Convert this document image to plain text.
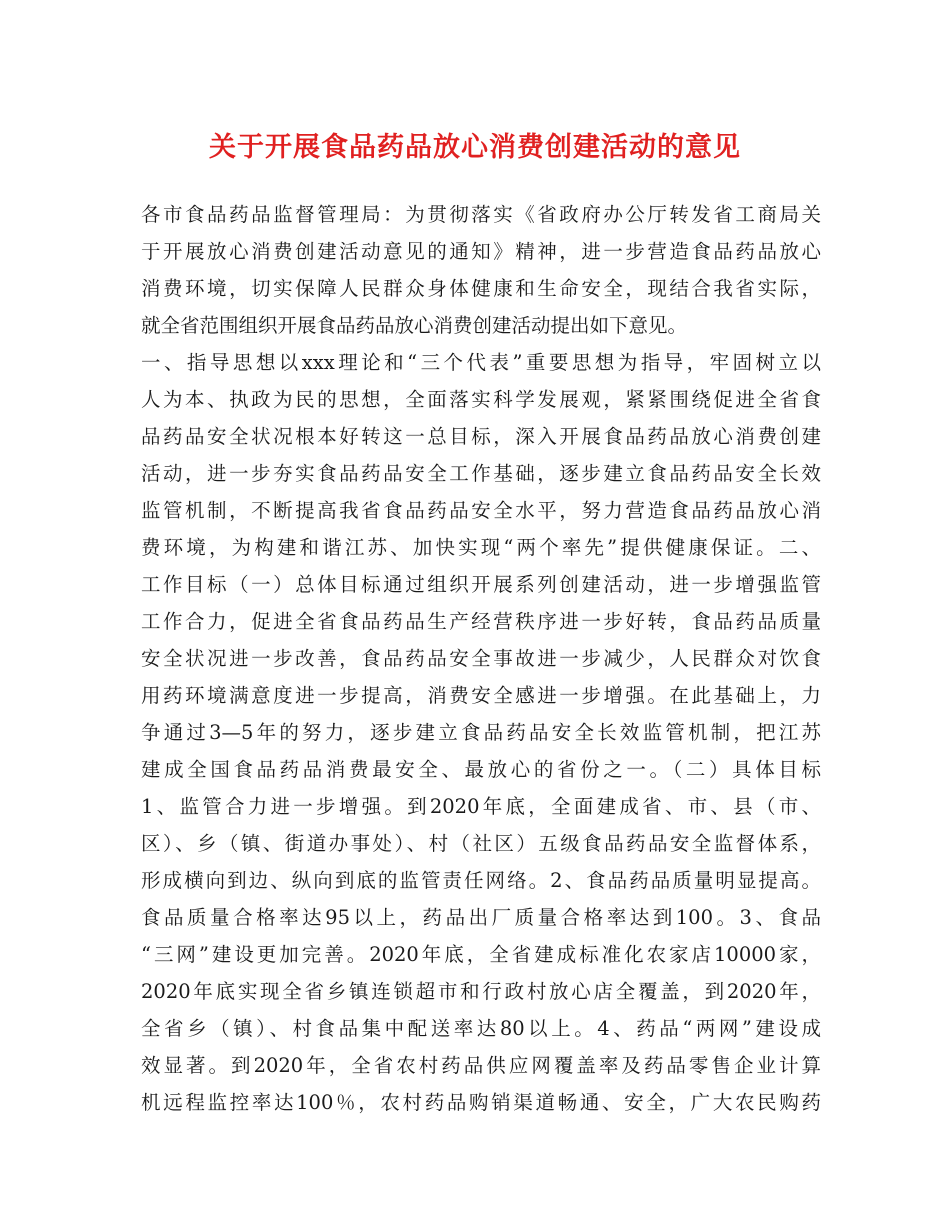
关于开展食品药品放心消费创建活动的意见
各市食品药品监督管理局：为贯彻落实《省政府办公厅转发省工商局关
于开展放心消费创建活动意见的通知》精神，进一步营造食品药品放心
消费环境，切实保障人民群众身体健康和生命安全，现结合我省实际，
就全省范围组织开展食品药品放心消费创建活动提出如下意见。
一、指导思想以xxx理论和“三个代表”重要思想为指导，牢固树立以
人为本、执政为民的思想，全面落实科学发展观，紧紧围绕促进全省食
品药品安全状况根本好转这一总目标，深入开展食品药品放心消费创建
活动，进一步夯实食品药品安全工作基础，逐步建立食品药品安全长效
监管机制，不断提高我省食品药品安全水平，努力营造食品药品放心消
费环境，为构建和谐江苏、加快实现“两个率先”提供健康保证。二、
工作目标（一）总体目标通过组织开展系列创建活动，进一步增强监管
工作合力，促进全省食品药品生产经营秩序进一步好转，食品药品质量
安全状况进一步改善，食品药品安全事故进一步减少，人民群众对饮食
用药环境满意度进一步提高，消费安全感进一步增强。在此基础上，力
争通过3—5年的努力，逐步建立食品药品安全长效监管机制，把江苏
建成全国食品药品消费最安全、最放心的省份之一。（二）具体目标
1、监管合力进一步增强。到2020年底，全面建成省、市、县（市、
区）、乡（镇、街道办事处）、村（社区）五级食品药品安全监督体系，
形成横向到边、纵向到底的监管责任网络。2、食品药品质量明显提高。
食品质量合格率达95以上，药品出厂质量合格率达到100。3、食品
“三网”建设更加完善。2020年底，全省建成标准化农家店10000家，
2020年底实现全省乡镇连锁超市和行政村放心店全覆盖，到2020年，
全省乡（镇）、村食品集中配送率达80以上。4、药品“两网”建设成
效显著。到2020年，全省农村药品供应网覆盖率及药品零售企业计算
机远程监控率达100％，农村药品购销渠道畅通、安全，广大农民购药
